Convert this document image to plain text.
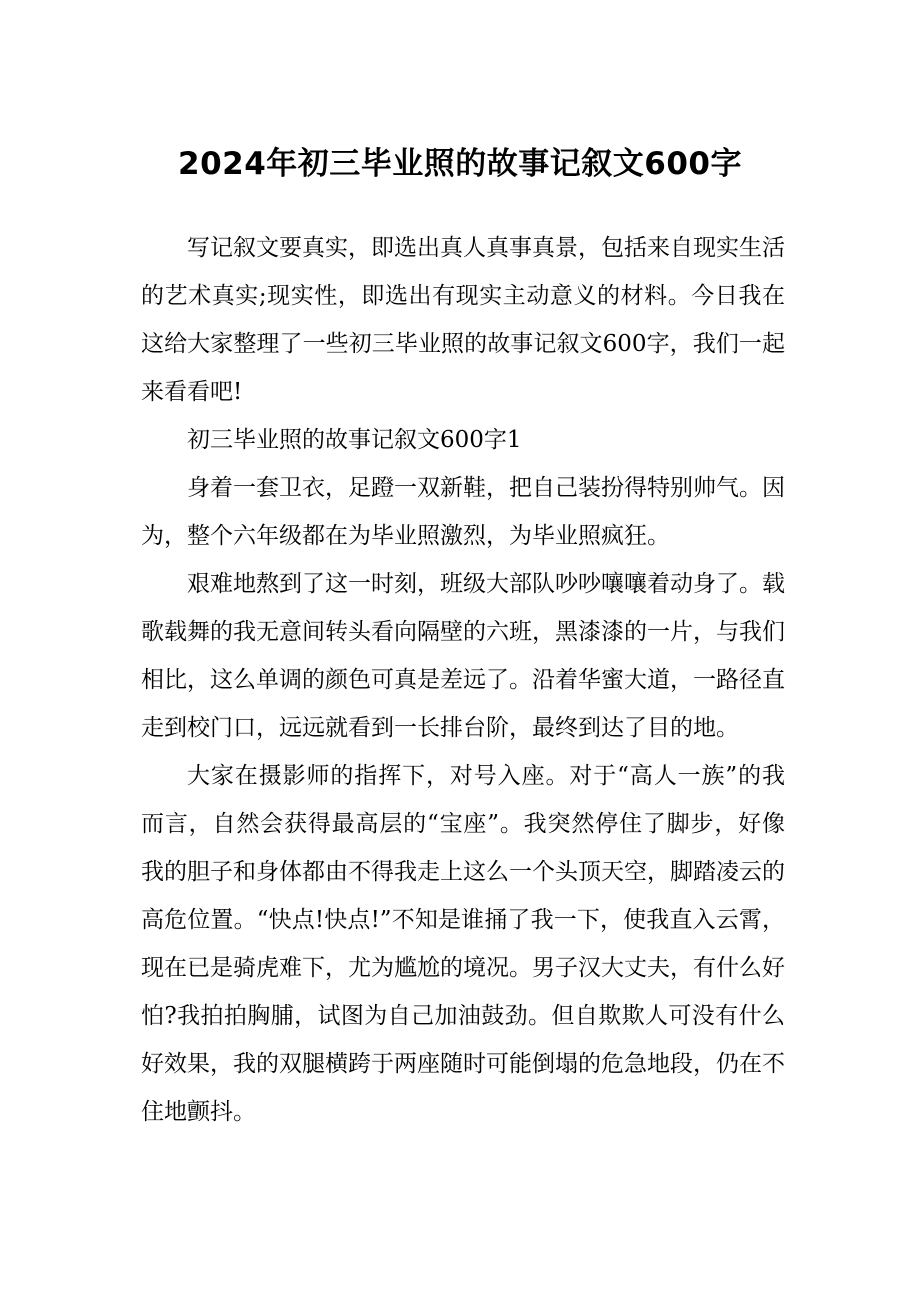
2024年初三毕业照的故事记叙文600字

写记叙文要真实，即选出真人真事真景，包括来自现实生活的艺术真实;现实性，即选出有现实主动意义的材料。今日我在这给大家整理了一些初三毕业照的故事记叙文600字，我们一起来看看吧!

初三毕业照的故事记叙文600字1

身着一套卫衣，足蹬一双新鞋，把自己装扮得特别帅气。因为，整个六年级都在为毕业照激烈，为毕业照疯狂。

艰难地熬到了这一时刻，班级大部队吵吵嚷嚷着动身了。载歌载舞的我无意间转头看向隔壁的六班，黑漆漆的一片，与我们相比，这么单调的颜色可真是差远了。沿着华蜜大道，一路径直走到校门口，远远就看到一长排台阶，最终到达了目的地。

大家在摄影师的指挥下，对号入座。对于“高人一族”的我而言，自然会获得最高层的“宝座”。我突然停住了脚步，好像我的胆子和身体都由不得我走上这么一个头顶天空，脚踏凌云的高危位置。“快点!快点!”不知是谁捅了我一下，使我直入云霄，现在已是骑虎难下，尤为尴尬的境况。男子汉大丈夫，有什么好怕?我拍拍胸脯，试图为自己加油鼓劲。但自欺欺人可没有什么好效果，我的双腿横跨于两座随时可能倒塌的危急地段，仍在不住地颤抖。
